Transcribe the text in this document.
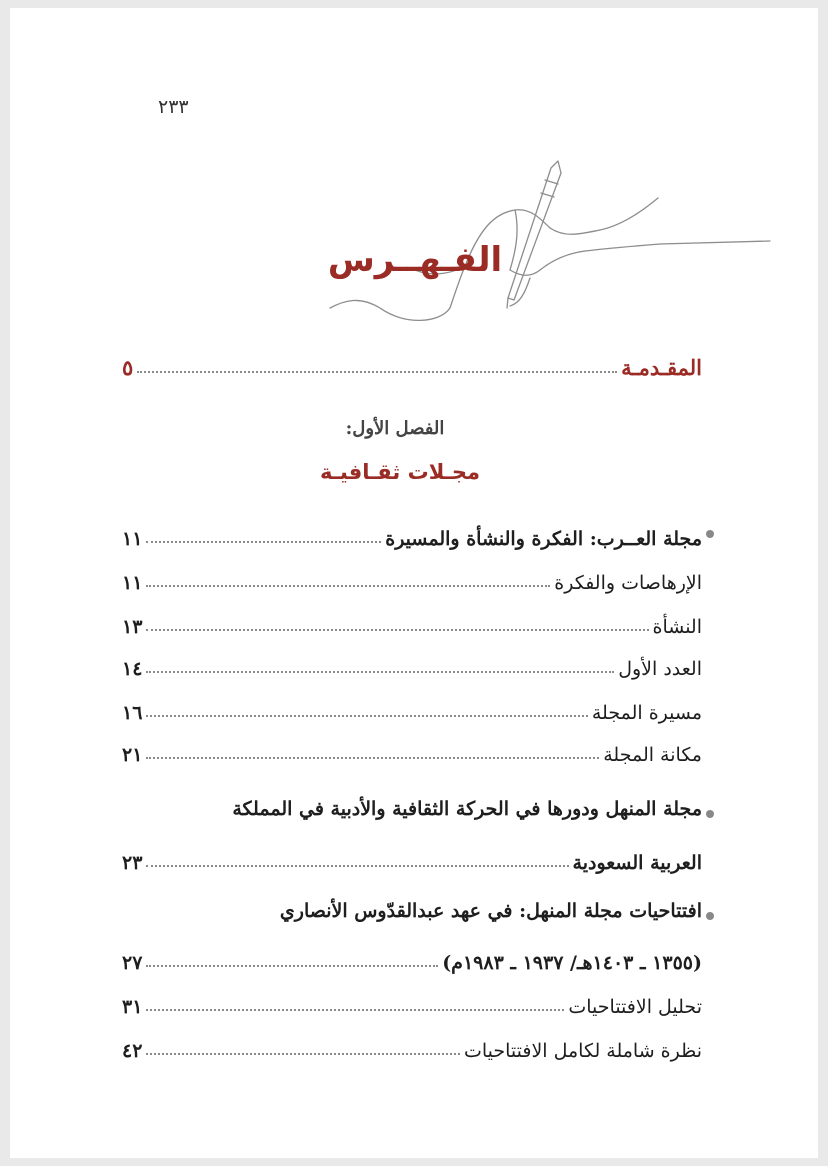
٢٣٣
الفـهــرس
المقـدمـة
٥
الفصل الأول:
مجـلات ثقـافيـة
مجلة العــرب: الفكرة والنشأة والمسيرة
١١
الإرهاصات والفكرة
١١
النشأة
١٣
العدد الأول
١٤
مسيرة المجلة
١٦
مكانة المجلة
٢١
مجلة المنهل ودورها في الحركة الثقافية والأدبية في المملكة
العربية السعودية
٢٣
افتتاحيات مجلة المنهل: في عهد عبدالقدّوس الأنصاري
(١٣٥٥ ـ ١٤٠٣هـ/ ١٩٣٧ ـ ١٩٨٣م)
٢٧
تحليل الافتتاحيات
٣١
نظرة شاملة لكامل الافتتاحيات
٤٢
